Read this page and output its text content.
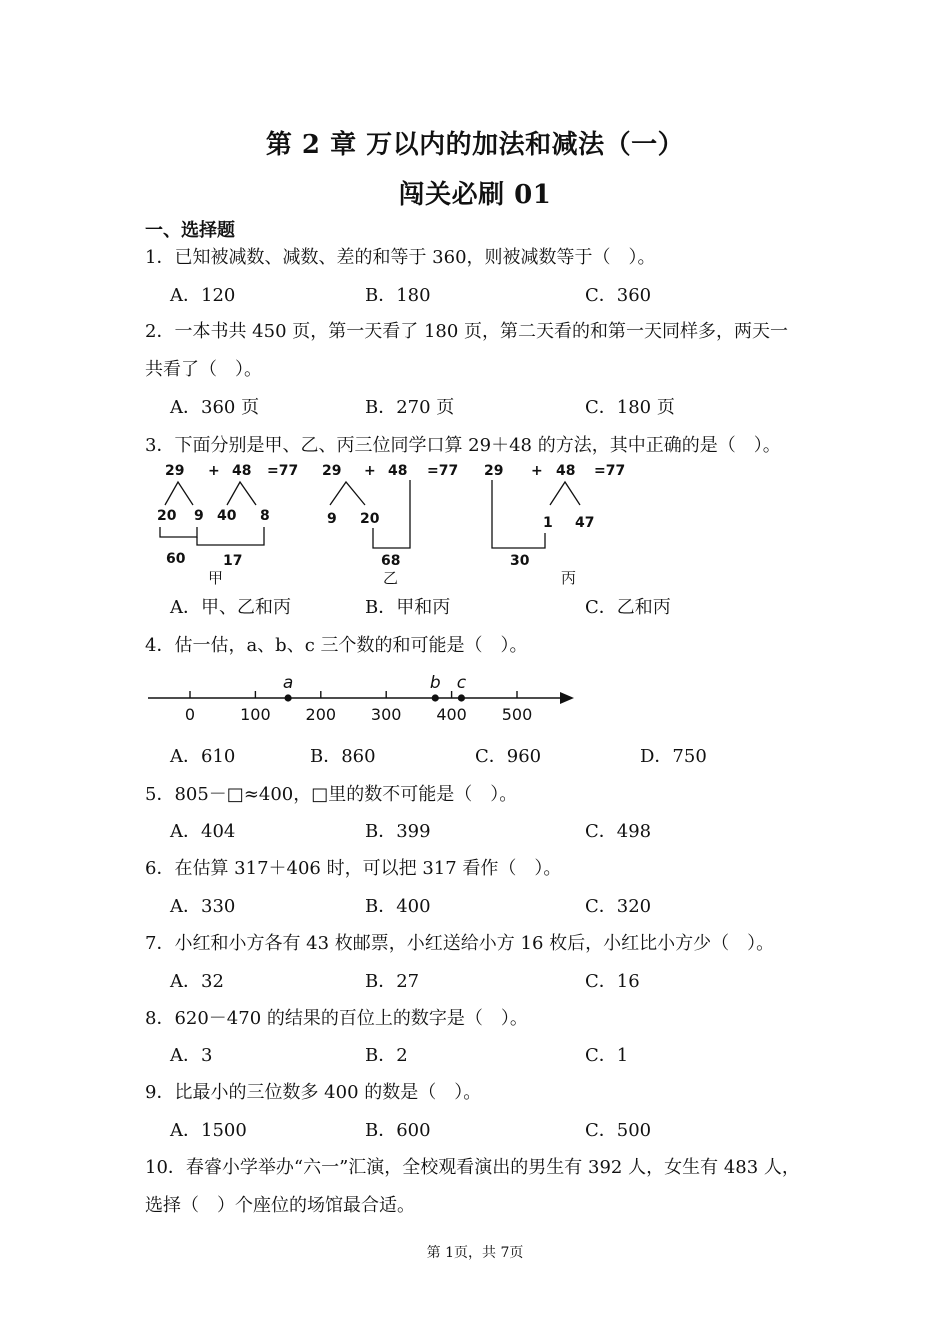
第 2 章 万以内的加法和减法（一）
闯关必刷 01
一、选择题
1．已知被减数、减数、差的和等于 360，则被减数等于（　）。
A．120	B．180	C．360
2．一本书共 450 页，第一天看了 180 页，第二天看的和第一天同样多，两天一
共看了（　）。
A．360 页	B．270 页	C．180 页
3．下面分别是甲、乙、丙三位同学口算 29＋48 的方法，其中正确的是（　）。
29 + 48 =77
20 9 40 8
60	17
29 + 48 =77
9 20
68
29 + 48 =77
1 47
30
甲	乙	丙
A．甲、乙和丙	B．甲和丙	C．乙和丙
4．估一估，a、b、c 三个数的和可能是（　）。
0	100 200 300 400 500
a	b c
A．610	B．860	C．960	D．750
5．805－□≈400，□里的数不可能是（　）。
A．404	B．399	C．498
6．在估算 317＋406 时，可以把 317 看作（　）。
A．330	B．400	C．320
7．小红和小方各有 43 枚邮票，小红送给小方 16 枚后，小红比小方少（　）。
A．32	B．27	C．16
8．620－470 的结果的百位上的数字是（　）。
A．3	B．2	C．1
9．比最小的三位数多 400 的数是（　）。
A．1500	B．600	C．500
10．春睿小学举办“六一”汇演，全校观看演出的男生有 392 人，女生有 483 人，
选择（　）个座位的场馆最合适。
第 1页，共 7页
